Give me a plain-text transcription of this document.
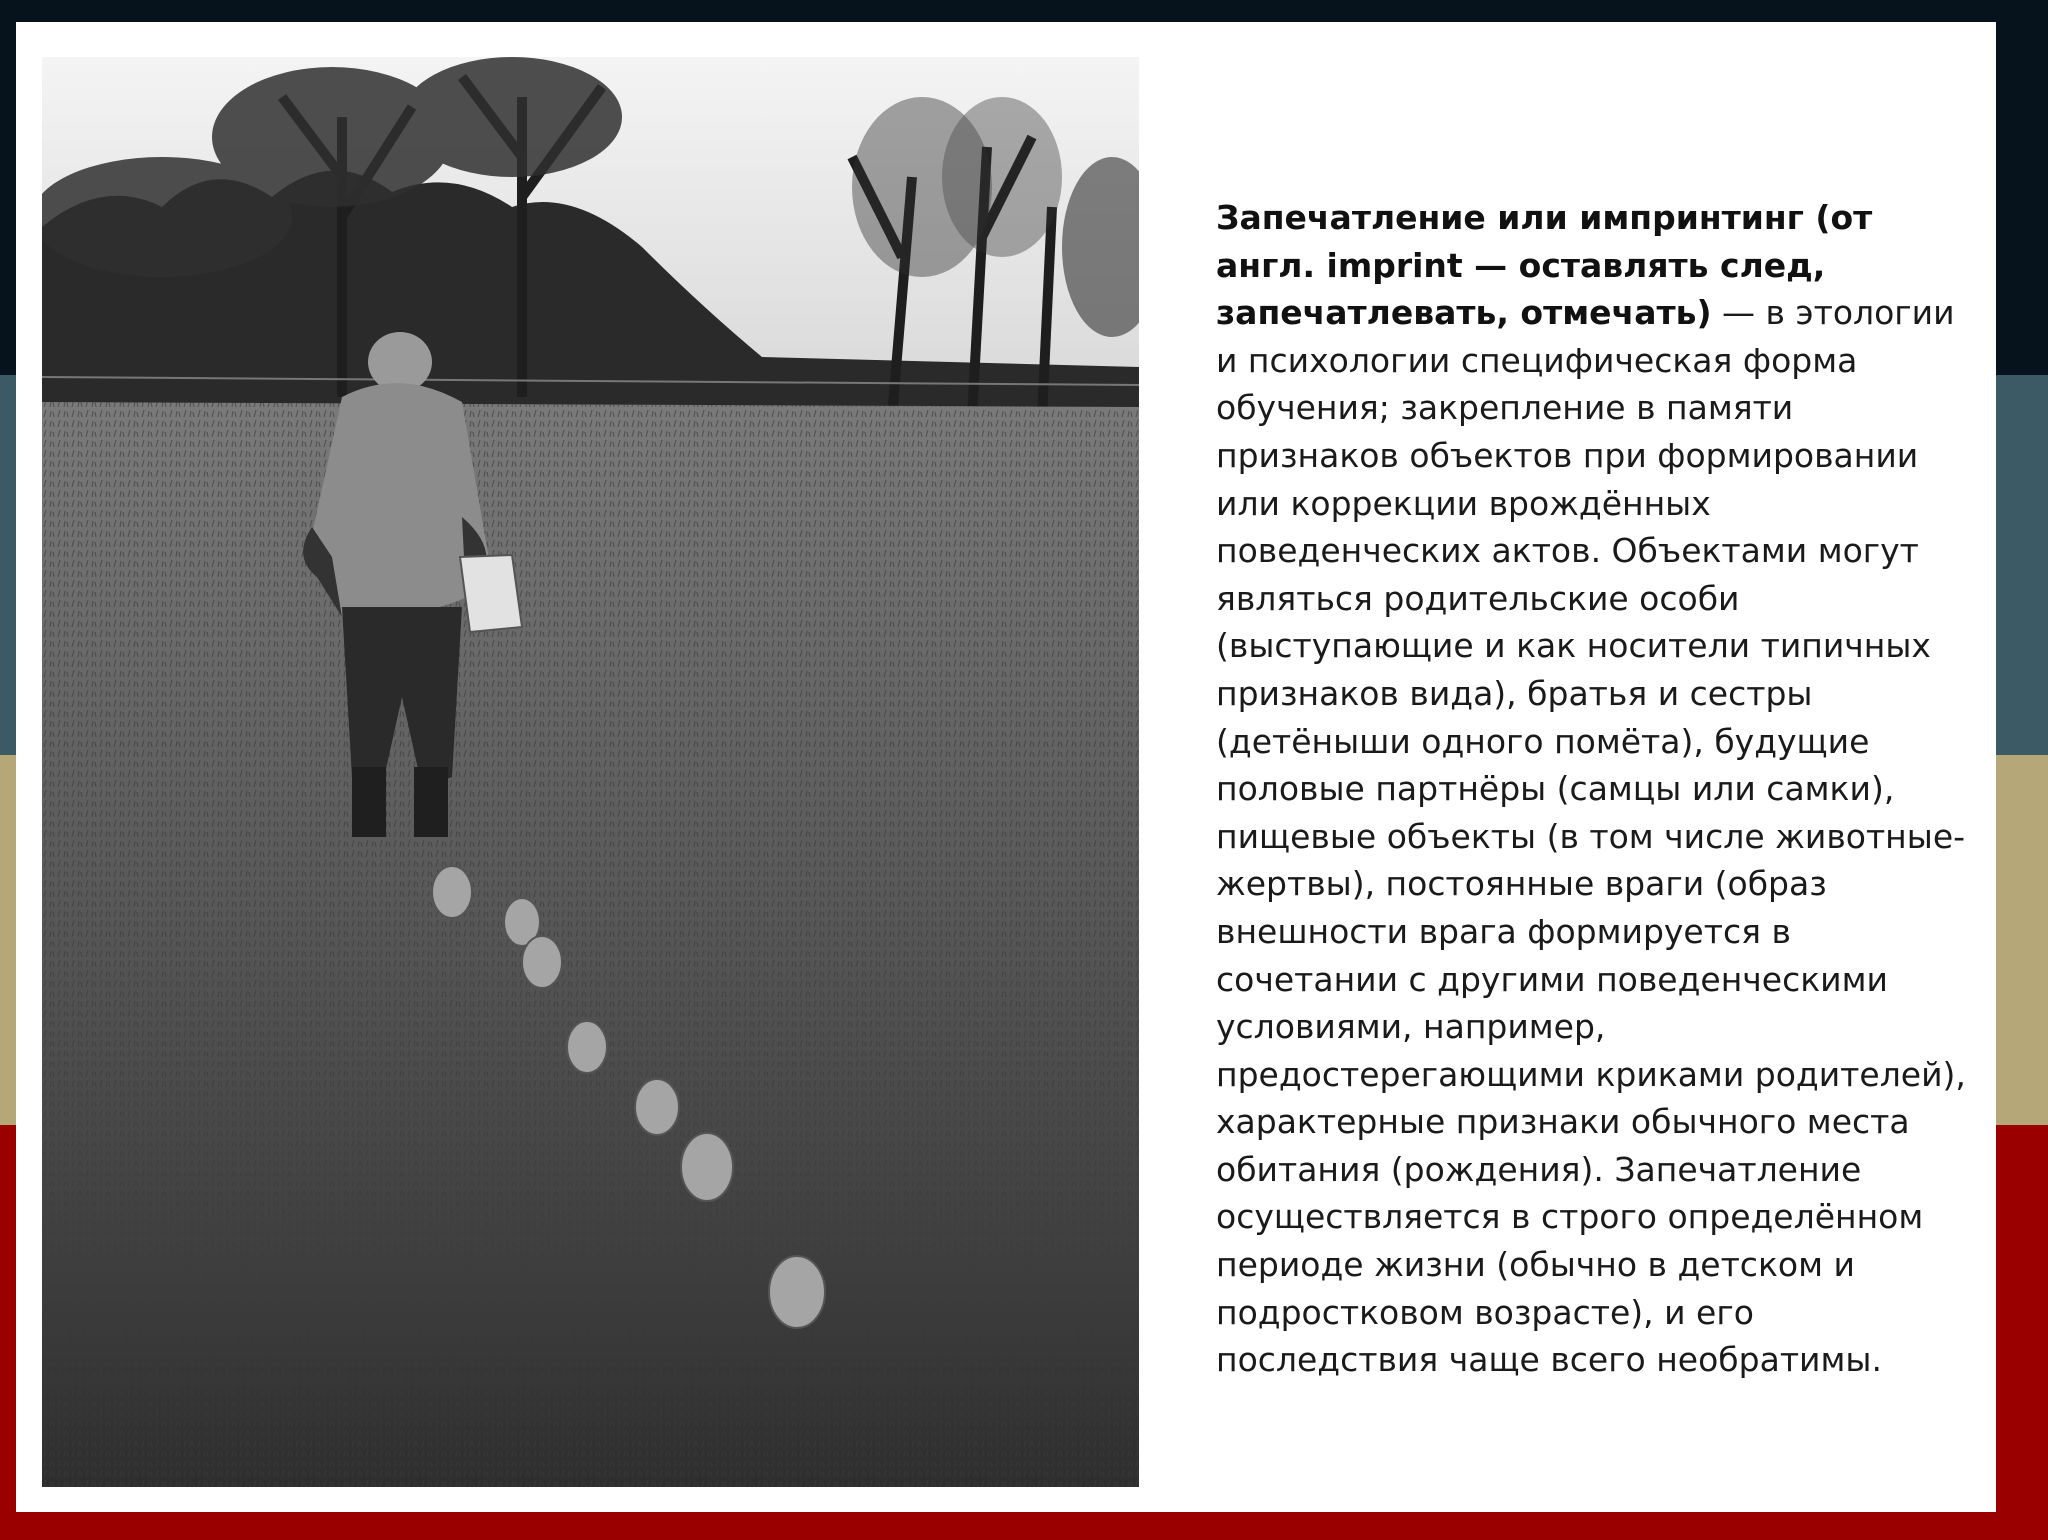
Запечатление или импринтинг (от англ. imprint — оставлять след, запечатлевать, отмечать) — в этологии и психологии специфическая форма обучения; закрепление в памяти признаков объектов при формировании или коррекции врождённых поведенческих актов. Объектами могут являться родительские особи (выступающие и как носители типичных признаков вида), братья и сестры (детёныши одного помёта), будущие половые партнёры (самцы или самки), пищевые объекты (в том числе животные-жертвы), постоянные враги (образ внешности врага формируется в сочетании с другими поведенческими условиями, например, предостерегающими криками родителей), характерные признаки обычного места обитания (рождения). Запечатление осуществляется в строго определённом периоде жизни (обычно в детском и подростковом возрасте), и его последствия чаще всего необратимы.
